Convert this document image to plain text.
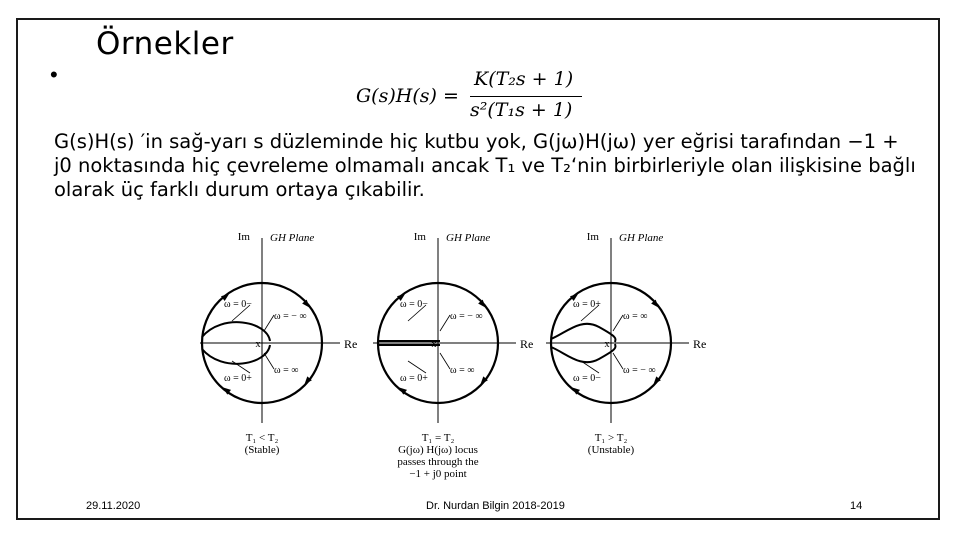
Örnekler
•
G(s)H(s) =
K(T₂s + 1)
s²(T₁s + 1)
G(s)H(s) ′in sağ-yarı s düzleminde hiç kutbu yok, G(jω)H(jω) yer eğrisi tarafından −1 +
j0 noktasında hiç çevreleme olmamalı ancak T₁ ve T₂‘nin birbirleriyle olan ilişkisine bağlı
olarak üç farklı durum ortaya çıkabilir.
Im GH Plane
Re
x
ω = 0−
ω = − ∞
ω = 0+
ω = ∞
T₁ < T₂
(Stable)
Im GH Plane
Re
x
ω = 0−
ω = − ∞
ω = 0+
ω = ∞
T₁ = T₂
G(jω) H(jω) locus
passes through the
−1 + j0 point
Im GH Plane
Re
x
ω = 0+
ω = ∞
ω = 0−
ω = − ∞
T₁ > T₂
(Unstable)
29.11.2020	Dr. Nurdan Bilgin 2018-2019	14
